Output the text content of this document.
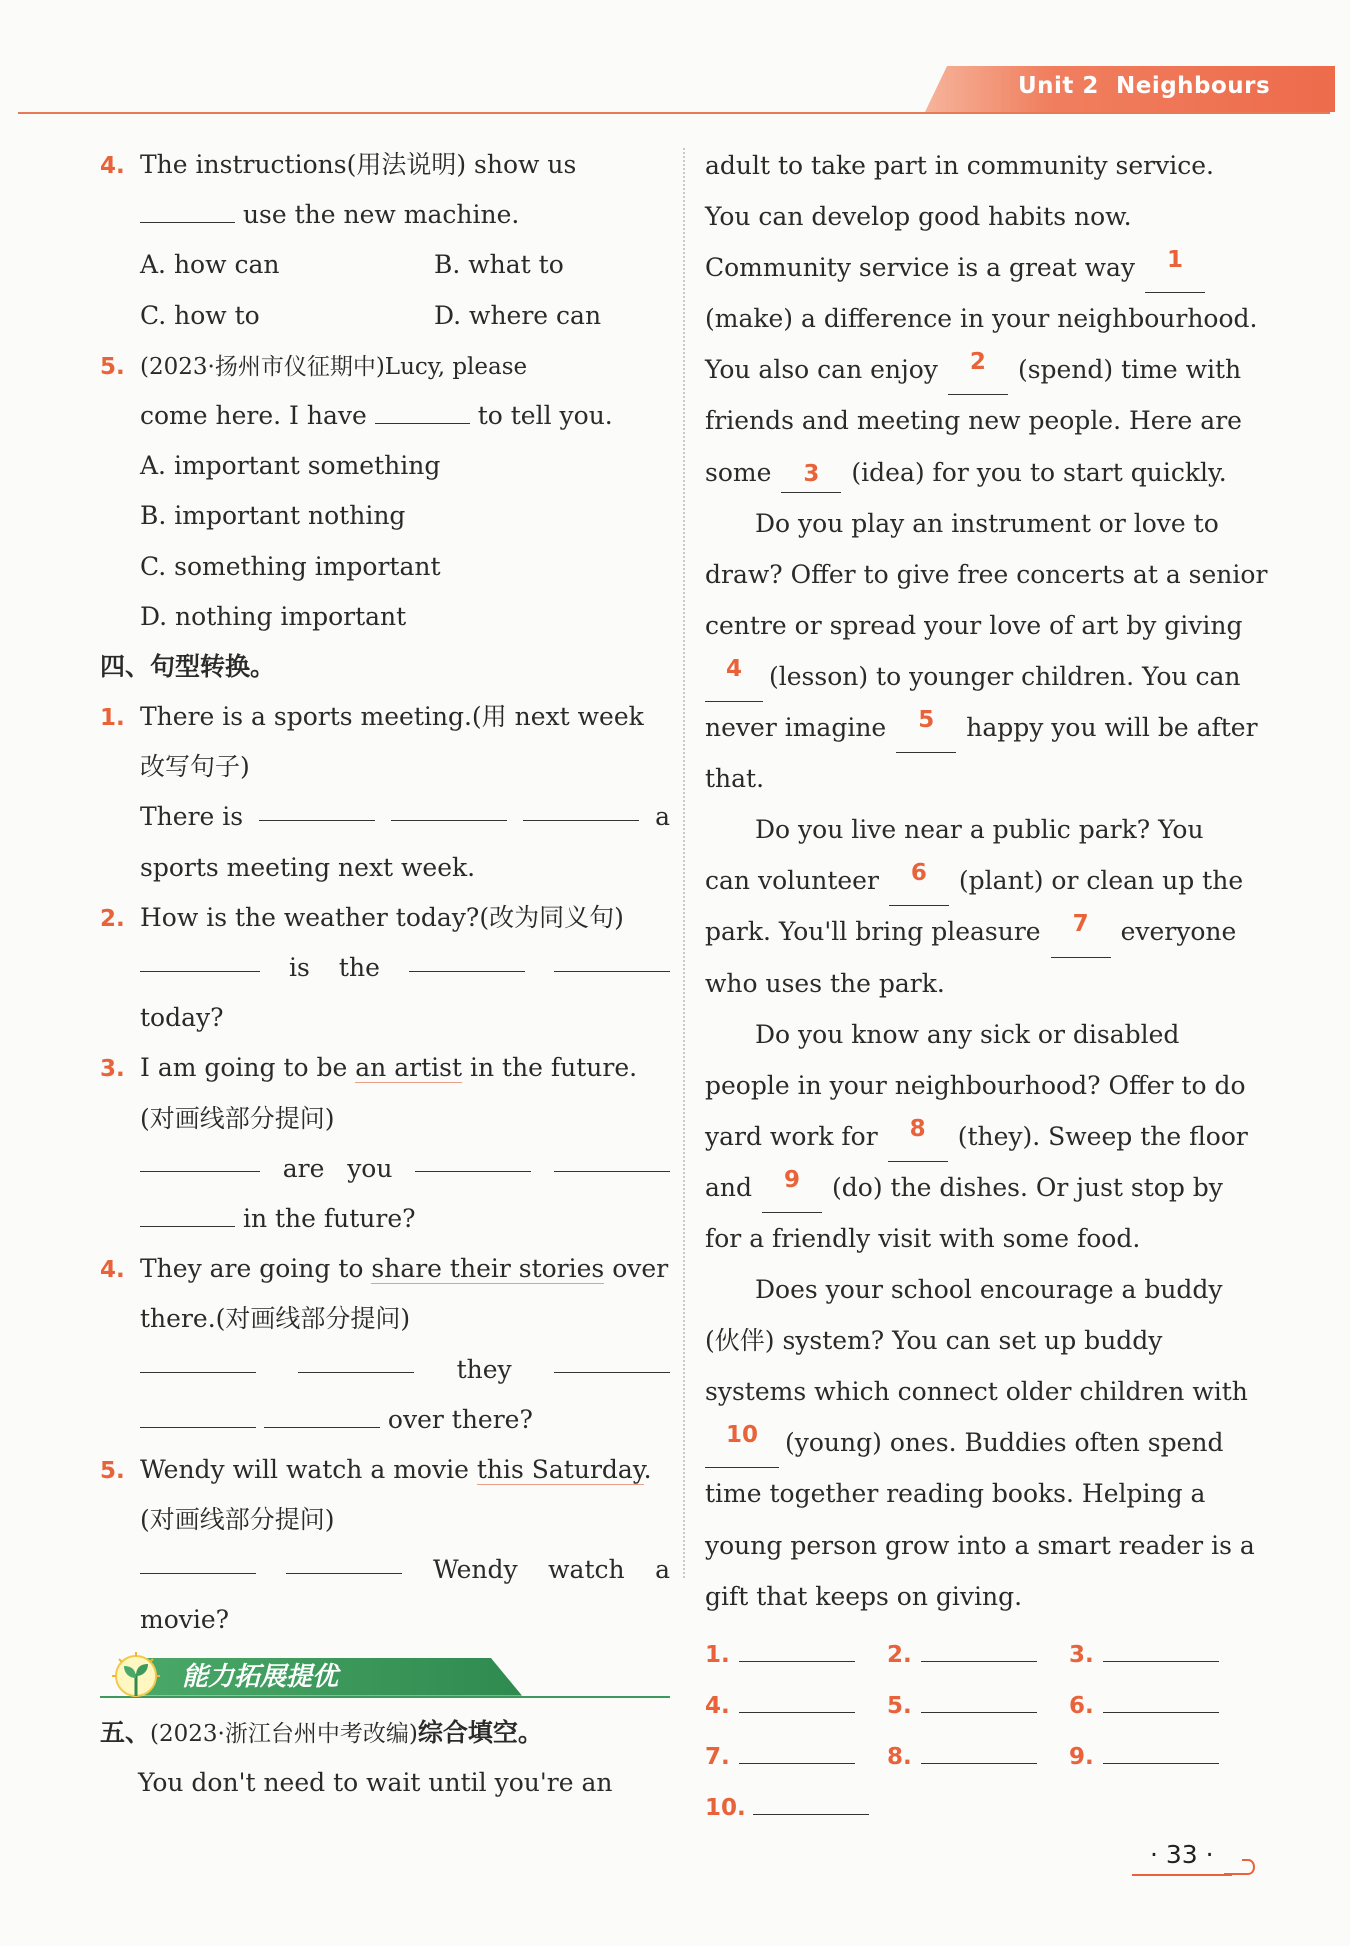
Unit 2 Neighbours
4. The instructions(用法说明) show us
use the new machine.
A. how can	B. what to
C. how to	D. where can
5. (2023·扬州市仪征期中)Lucy, please
come here. I have	to tell you.
A. important something
B. important nothing
C. something important
D. nothing important
四、句型转换。
1. There is a sports meeting.(用 next week
改写句子)
There is	a
sports meeting next week.
2. How is the weather today?(改为同义句)
is the
today?
3. I am going to be an artist in the future.
(对画线部分提问)
are you
in the future?
4. They are going to share their stories over
there.(对画线部分提问)
they
over there?
5. Wendy will watch a movie this Saturday.
(对画线部分提问)
Wendy watch a
movie?
能力拓展提优
五、(2023·浙江台州中考改编)综合填空。
You don't need to wait until you're an
adult to take part in community service.
You can develop good habits now.
Community service is a great way	1
(make) a difference in your neighbourhood.
You also can enjoy	2	(spend) time with
friends and meeting new people. Here are
some 3 (idea) for you to start quickly.
Do you play an instrument or love to
draw? Offer to give free concerts at a senior
centre or spread your love of art by giving
4	(lesson) to younger children. You can
never imagine	5	happy you will be after
that.
Do you live near a public park? You
can volunteer	6	(plant) or clean up the
park. You'll bring pleasure	7	everyone
who uses the park.
Do you know any sick or disabled
people in your neighbourhood? Offer to do
yard work for	8	(they). Sweep the floor
and	9	(do) the dishes. Or just stop by
for a friendly visit with some food.
Does your school encourage a buddy
(伙伴) system? You can set up buddy
systems which connect older children with
10	(young) ones. Buddies often spend
time together reading books. Helping a
young person grow into a smart reader is a
gift that keeps on giving.
1.	2.	3.
4.	5.	6.
7.	8.	9.
10.
· 33 ·
